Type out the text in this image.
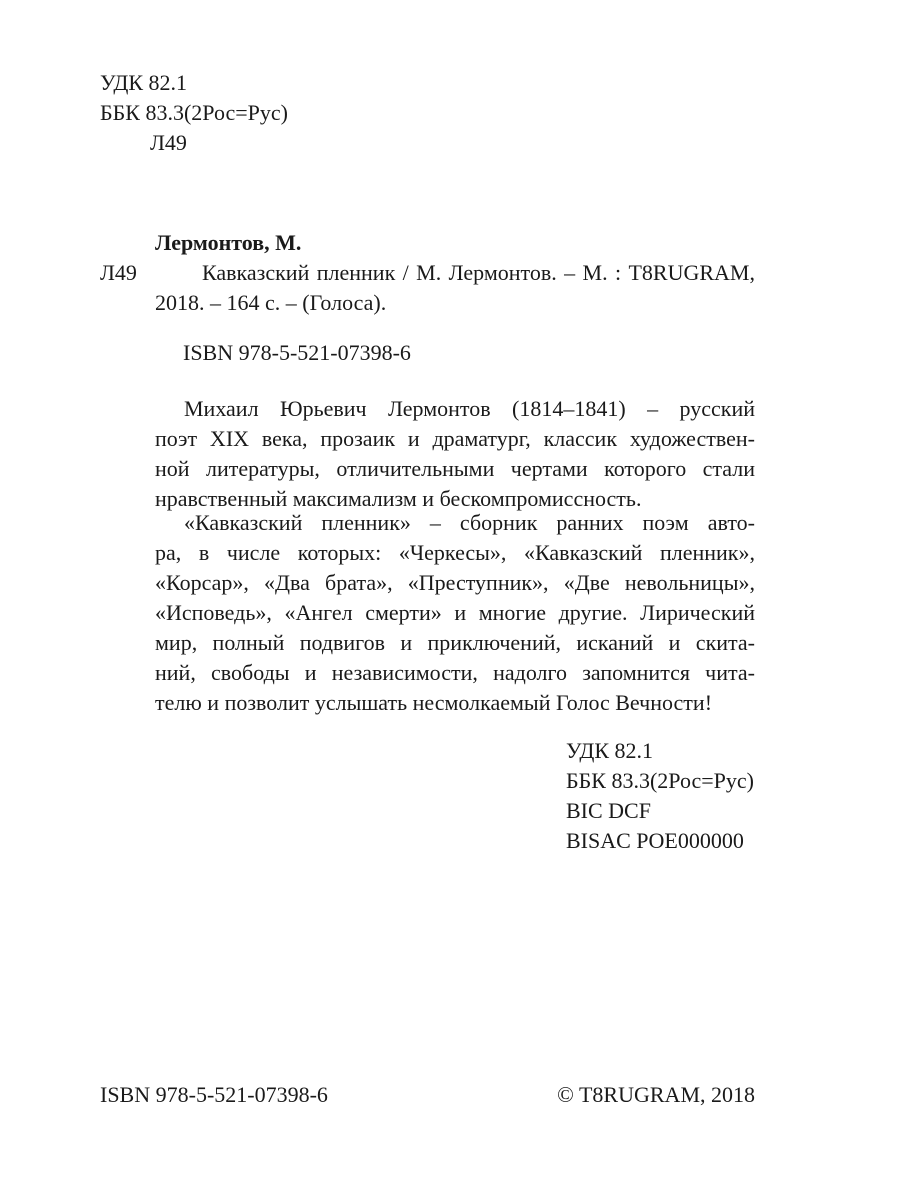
УДК 82.1
ББК 83.3(2Рос=Рус)
Л49
Лермонтов, М.
Л49	Кавказский пленник / М. Лермонтов. – М. : T8RUGRAM,
2018. – 164 с. – (Голоса).
ISBN 978-5-521-07398-6
Михаил Юрьевич Лермонтов (1814–1841) – русский
поэт XIX века, прозаик и драматург, классик художествен-
ной литературы, отличительными чертами которого стали
нравственный максимализм и бескомпромиссность.
«Кавказский пленник» – сборник ранних поэм авто-
ра, в числе которых: «Черкесы», «Кавказский пленник»,
«Корсар», «Два брата», «Преступник», «Две невольницы»,
«Исповедь», «Ангел смерти» и многие другие. Лирический
мир, полный подвигов и приключений, исканий и скита-
ний, свободы и независимости, надолго запомнится чита-
телю и позволит услышать несмолкаемый Голос Вечности!
УДК 82.1
ББК 83.3(2Рос=Рус)
BIC DCF
BISAC POE000000
ISBN 978-5-521-07398-6	© T8RUGRAM, 2018
